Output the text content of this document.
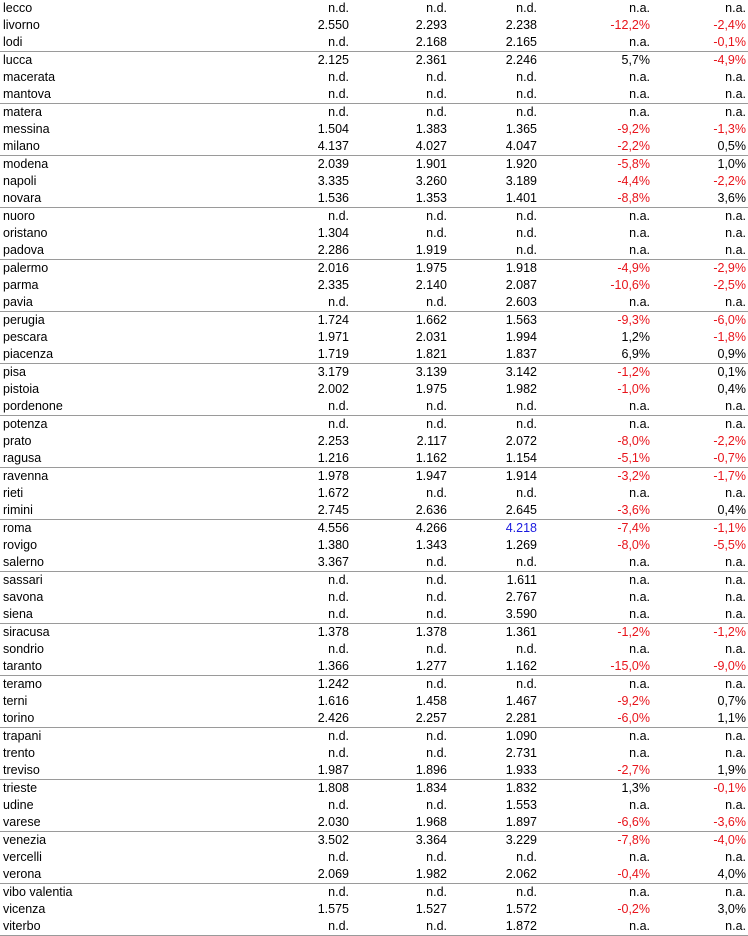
lecco	n.d.	n.d.	n.d.	n.a.	n.a.
livorno	2.550	2.293	2.238	-12,2%	-2,4%
lodi	n.d.	2.168	2.165	n.a.	-0,1%
lucca	2.125	2.361	2.246	5,7%	-4,9%
macerata	n.d.	n.d.	n.d.	n.a.	n.a.
mantova	n.d.	n.d.	n.d.	n.a.	n.a.
matera	n.d.	n.d.	n.d.	n.a.	n.a.
messina	1.504	1.383	1.365	-9,2%	-1,3%
milano	4.137	4.027	4.047	-2,2%	0,5%
modena	2.039	1.901	1.920	-5,8%	1,0%
napoli	3.335	3.260	3.189	-4,4%	-2,2%
novara	1.536	1.353	1.401	-8,8%	3,6%
nuoro	n.d.	n.d.	n.d.	n.a.	n.a.
oristano	1.304	n.d.	n.d.	n.a.	n.a.
padova	2.286	1.919	n.d.	n.a.	n.a.
palermo	2.016	1.975	1.918	-4,9%	-2,9%
parma	2.335	2.140	2.087	-10,6%	-2,5%
pavia	n.d.	n.d.	2.603	n.a.	n.a.
perugia	1.724	1.662	1.563	-9,3%	-6,0%
pescara	1.971	2.031	1.994	1,2%	-1,8%
piacenza	1.719	1.821	1.837	6,9%	0,9%
pisa	3.179	3.139	3.142	-1,2%	0,1%
pistoia	2.002	1.975	1.982	-1,0%	0,4%
pordenone	n.d.	n.d.	n.d.	n.a.	n.a.
potenza	n.d.	n.d.	n.d.	n.a.	n.a.
prato	2.253	2.117	2.072	-8,0%	-2,2%
ragusa	1.216	1.162	1.154	-5,1%	-0,7%
ravenna	1.978	1.947	1.914	-3,2%	-1,7%
rieti	1.672	n.d.	n.d.	n.a.	n.a.
rimini	2.745	2.636	2.645	-3,6%	0,4%
roma	4.556	4.266	4.218	-7,4%	-1,1%
rovigo	1.380	1.343	1.269	-8,0%	-5,5%
salerno	3.367	n.d.	n.d.	n.a.	n.a.
sassari	n.d.	n.d.	1.611	n.a.	n.a.
savona	n.d.	n.d.	2.767	n.a.	n.a.
siena	n.d.	n.d.	3.590	n.a.	n.a.
siracusa	1.378	1.378	1.361	-1,2%	-1,2%
sondrio	n.d.	n.d.	n.d.	n.a.	n.a.
taranto	1.366	1.277	1.162	-15,0%	-9,0%
teramo	1.242	n.d.	n.d.	n.a.	n.a.
terni	1.616	1.458	1.467	-9,2%	0,7%
torino	2.426	2.257	2.281	-6,0%	1,1%
trapani	n.d.	n.d.	1.090	n.a.	n.a.
trento	n.d.	n.d.	2.731	n.a.	n.a.
treviso	1.987	1.896	1.933	-2,7%	1,9%
trieste	1.808	1.834	1.832	1,3%	-0,1%
udine	n.d.	n.d.	1.553	n.a.	n.a.
varese	2.030	1.968	1.897	-6,6%	-3,6%
venezia	3.502	3.364	3.229	-7,8%	-4,0%
vercelli	n.d.	n.d.	n.d.	n.a.	n.a.
verona	2.069	1.982	2.062	-0,4%	4,0%
vibo valentia	n.d.	n.d.	n.d.	n.a.	n.a.
vicenza	1.575	1.527	1.572	-0,2%	3,0%
viterbo	n.d.	n.d.	1.872	n.a.	n.a.
